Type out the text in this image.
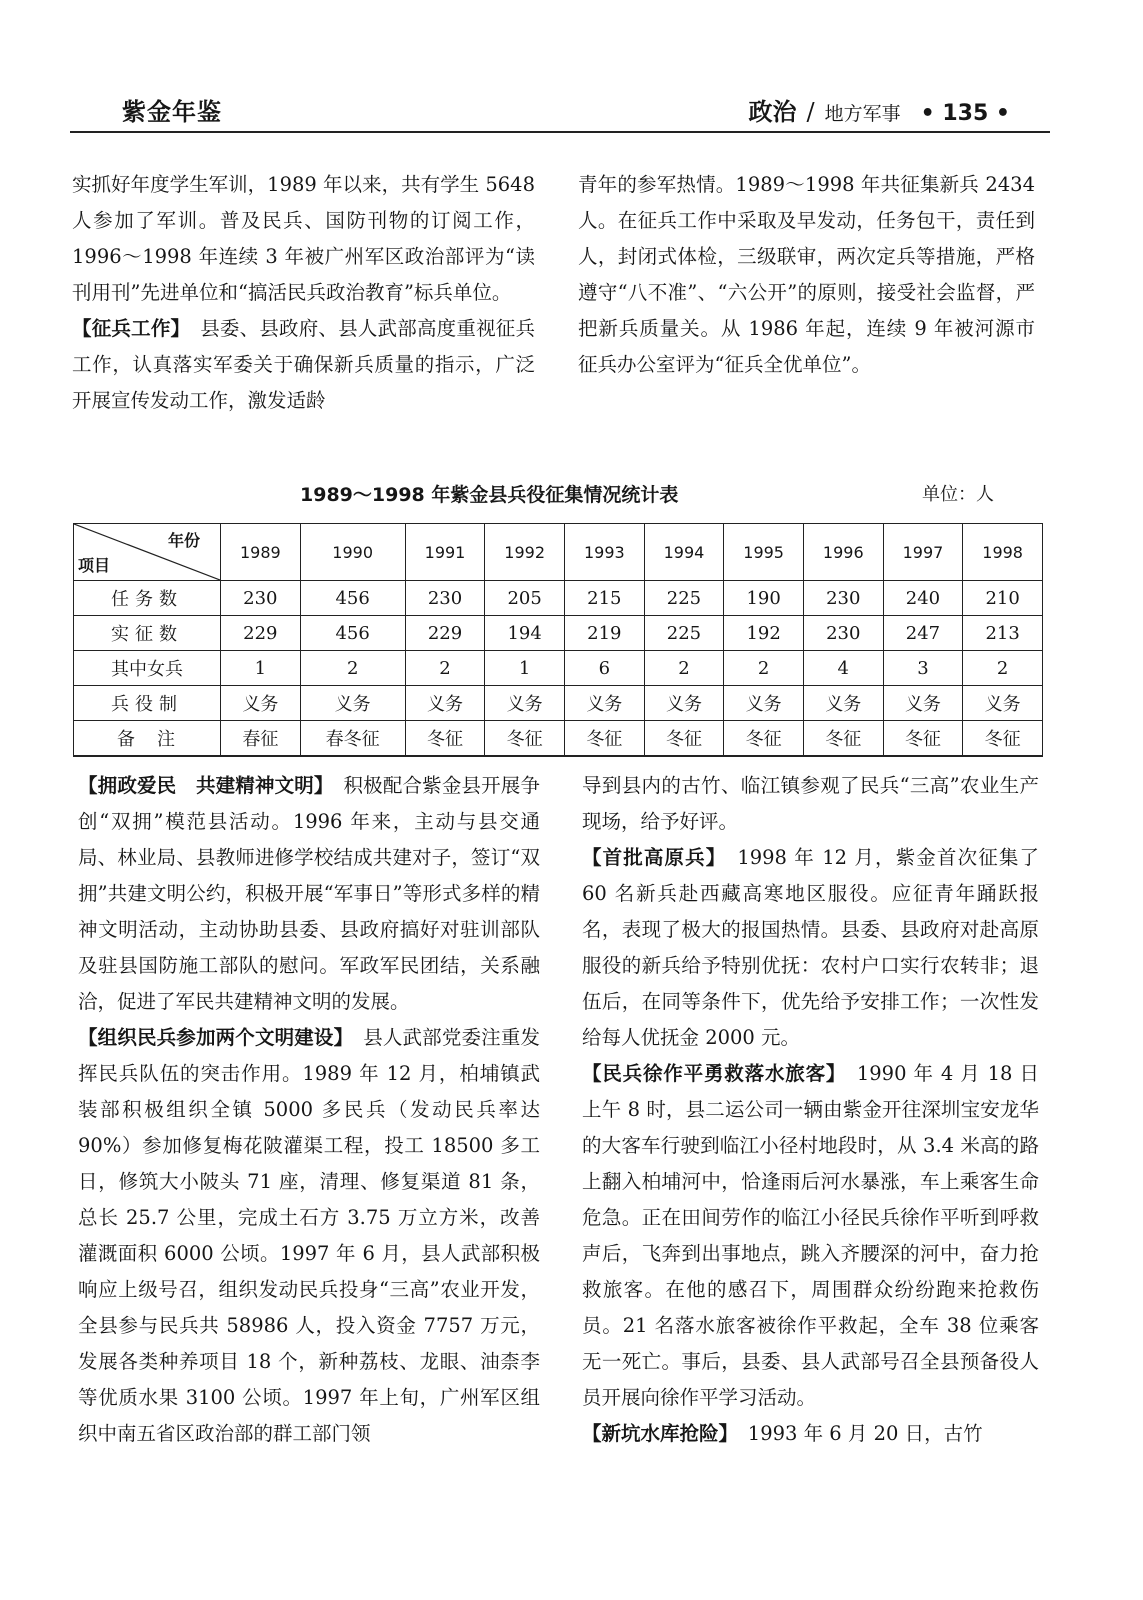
紫金年鉴	政治 / 地方军事 • 135 •

实抓好年度学生军训，1989 年以来，共有学生 5648 人参加了军训。普及民兵、国防刊物的订阅工作，1996～1998 年连续 3 年被广州军区政治部评为“读刊用刊”先进单位和“搞活民兵政治教育”标兵单位。

【征兵工作】　 县委、县政府、县人武部高度重视征兵工作，认真落实军委关于确保新兵质量的指示，广泛开展宣传发动工作，激发适龄

青年的参军热情。1989～1998 年共征集新兵 2434 人。在征兵工作中采取及早发动，任务包干，责任到人，封闭式体检，三级联审，两次定兵等措施，严格遵守“八不准”、“六公开”的原则，接受社会监督，严把新兵质量关。从 1986 年起，连续 9 年被河源市征兵办公室评为“征兵全优单位”。

1989～1998 年紫金县兵役征集情况统计表	单位：人
年份
项目	1989	1990	1991	1992	1993	1994	1995	1996	1997	1998
任务数	230	456	230	205	215	225	190	230	240	210
实征数	229	456	229	194	219	225	192	230	247	213
其中女兵	1	2	2	1	6	2	2	4	3	2
兵役制	义务	义务	义务	义务	义务	义务	义务	义务	义务	义务
备　注	春征	春冬征	冬征	冬征	冬征	冬征	冬征	冬征	冬征	冬征

【拥政爱民　共建精神文明】　 积极配合紫金县开展争创“双拥”模范县活动。1996 年来，主动与县交通局、林业局、县教师进修学校结成共建对子，签订“双拥”共建文明公约，积极开展“军事日”等形式多样的精神文明活动，主动协助县委、县政府搞好对驻训部队及驻县国防施工部队的慰问。军政军民团结，关系融洽，促进了军民共建精神文明的发展。

【组织民兵参加两个文明建设】　 县人武部党委注重发挥民兵队伍的突击作用。1989 年 12 月，柏埔镇武装部积极组织全镇 5000 多民兵（发动民兵率达 90%）参加修复梅花陂灌渠工程，投工 18500 多工日，修筑大小陂头 71 座，清理、修复渠道 81 条，总长 25.7 公里，完成土石方 3.75 万立方米，改善灌溉面积 6000 公顷。1997 年 6 月，县人武部积极响应上级号召，组织发动民兵投身“三高”农业开发，全县参与民兵共 58986 人，投入资金 7757 万元，发展各类种养项目 18 个，新种荔枝、龙眼、油柰李等优质水果 3100 公顷。1997 年上旬，广州军区组织中南五省区政治部的群工部门领

导到县内的古竹、临江镇参观了民兵“三高”农业生产现场，给予好评。

【首批高原兵】　 1998 年 12 月，紫金首次征集了 60 名新兵赴西藏高寒地区服役。应征青年踊跃报名，表现了极大的报国热情。县委、县政府对赴高原服役的新兵给予特别优抚：农村户口实行农转非；退伍后，在同等条件下，优先给予安排工作；一次性发给每人优抚金 2000 元。

【民兵徐作平勇救落水旅客】　 1990 年 4 月 18 日上午 8 时，县二运公司一辆由紫金开往深圳宝安龙华的大客车行驶到临江小径村地段时，从 3.4 米高的路上翻入柏埔河中，恰逢雨后河水暴涨，车上乘客生命危急。正在田间劳作的临江小径民兵徐作平听到呼救声后，飞奔到出事地点，跳入齐腰深的河中，奋力抢救旅客。在他的感召下，周围群众纷纷跑来抢救伤员。21 名落水旅客被徐作平救起，全车 38 位乘客无一死亡。事后，县委、县人武部号召全县预备役人员开展向徐作平学习活动。

【新坑水库抢险】　 1993 年 6 月 20 日，古竹
